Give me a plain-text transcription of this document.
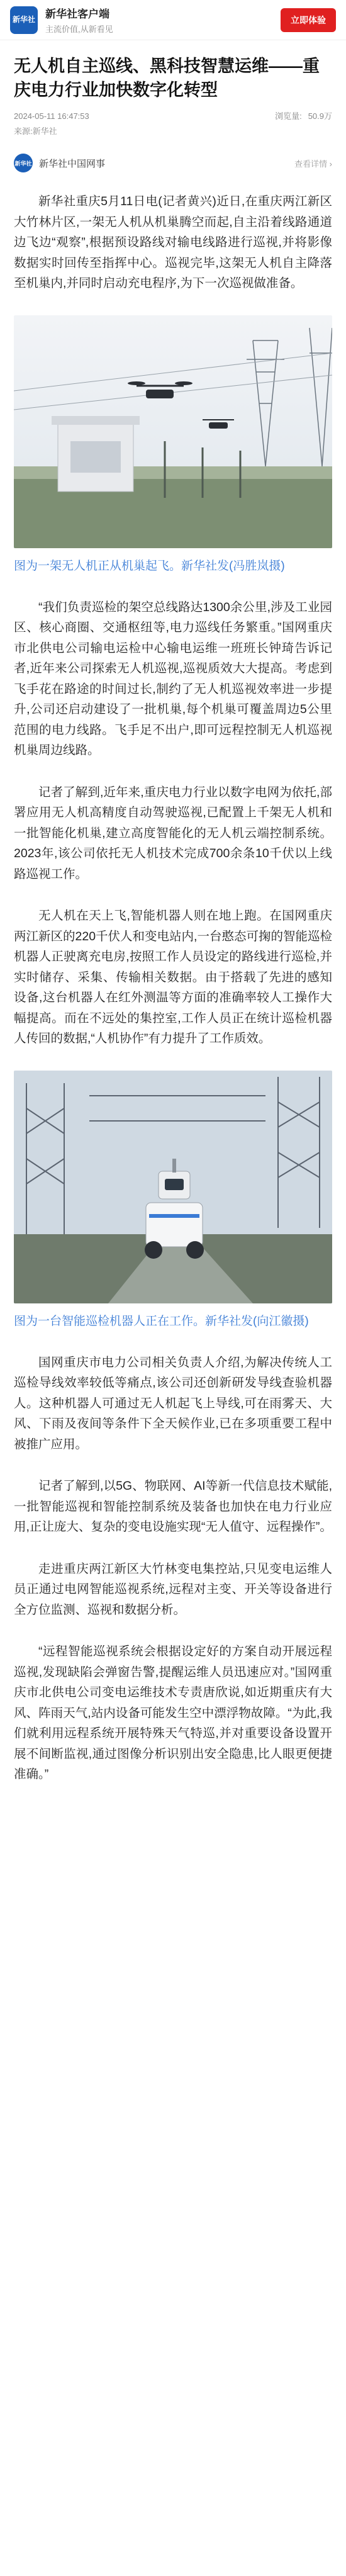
新华社 新华社客户端
主流价值,从新看见
立即体验
无人机自主巡线、黑科技智慧运维——重庆电力行业加快数字化转型
2024-05-11 16:47:53	浏览量: 50.9万
来源:新华社
新华社 新华社中国网事	查看详情 ›

新华社重庆5月11日电(记者黄兴)近日,在重庆两江新区大竹林片区,一架无人机从机巢腾空而起,自主沿着线路通道边飞边“观察”,根据预设路线对输电线路进行巡视,并将影像数据实时回传至指挥中心。巡视完毕,这架无人机自主降落至机巢内,并同时启动充电程序,为下一次巡视做准备。

图为一架无人机正从机巢起飞。新华社发(冯胜岚摄)

“我们负责巡检的架空总线路达1300余公里,涉及工业园区、核心商圈、交通枢纽等,电力巡线任务繁重。”国网重庆市北供电公司输电运检中心输电运维一班班长钟琦告诉记者,近年来公司探索无人机巡视,巡视质效大大提高。考虑到飞手花在路途的时间过长,制约了无人机巡视效率进一步提升,公司还启动建设了一批机巢,每个机巢可覆盖周边5公里范围的电力线路。飞手足不出户,即可远程控制无人机巡视机巢周边线路。

记者了解到,近年来,重庆电力行业以数字电网为依托,部署应用无人机高精度自动驾驶巡视,已配置上千架无人机和一批智能化机巢,建立高度智能化的无人机云端控制系统。2023年,该公司依托无人机技术完成700余条10千伏以上线路巡视工作。

无人机在天上飞,智能机器人则在地上跑。在国网重庆两江新区的220千伏人和变电站内,一台憨态可掬的智能巡检机器人正驶离充电房,按照工作人员设定的路线进行巡检,并实时储存、采集、传输相关数据。由于搭载了先进的感知设备,这台机器人在红外测温等方面的准确率较人工操作大幅提高。而在不远处的集控室,工作人员正在统计巡检机器人传回的数据,“人机协作”有力提升了工作质效。

图为一台智能巡检机器人正在工作。新华社发(向江徽摄)

国网重庆市电力公司相关负责人介绍,为解决传统人工巡检导线效率较低等痛点,该公司还创新研发导线查验机器人。这种机器人可通过无人机起飞上导线,可在雨雾天、大风、下雨及夜间等条件下全天候作业,已在多项重要工程中被推广应用。

记者了解到,以5G、物联网、AI等新一代信息技术赋能,一批智能巡视和智能控制系统及装备也加快在电力行业应用,正让庞大、复杂的变电设施实现“无人值守、远程操作”。

走进重庆两江新区大竹林变电集控站,只见变电运维人员正通过电网智能巡视系统,远程对主变、开关等设备进行全方位监测、巡视和数据分析。

“远程智能巡视系统会根据设定好的方案自动开展远程巡视,发现缺陷会弹窗告警,提醒运维人员迅速应对。”国网重庆市北供电公司变电运维技术专责唐欣说,如近期重庆有大风、阵雨天气,站内设备可能发生空中漂浮物故障。“为此,我们就利用远程系统开展特殊天气特巡,并对重要设备设置开展不间断监视,通过图像分析识别出安全隐患,比人眼更便捷准确。”
